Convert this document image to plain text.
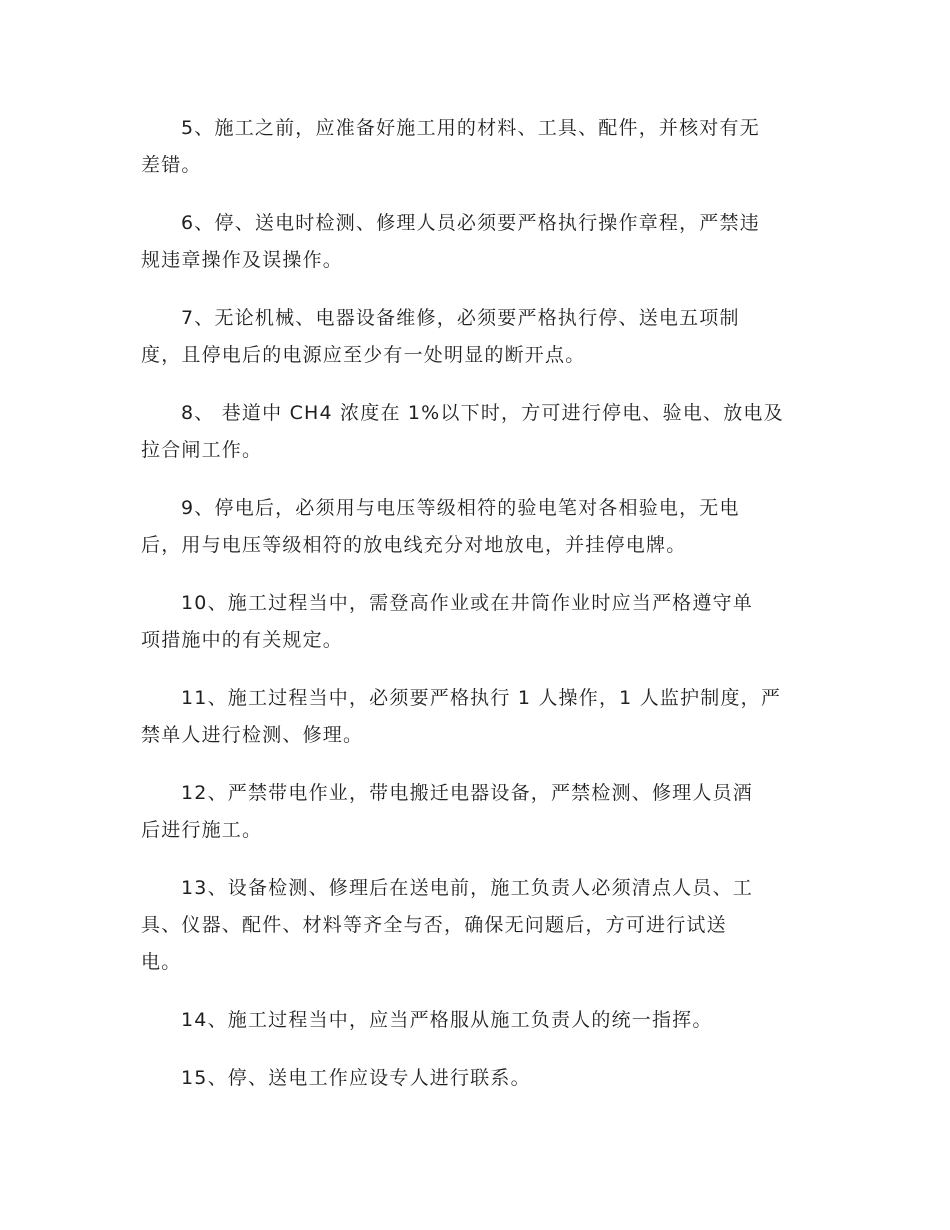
5、施工之前，应准备好施工用的材料、工具、配件，并核对有无
差错。

6、停、送电时检测、修理人员必须要严格执行操作章程，严禁违
规违章操作及误操作。

7、无论机械、电器设备维修，必须要严格执行停、送电五项制
度，且停电后的电源应至少有一处明显的断开点。

8、 巷道中 CH4 浓度在 1%以下时，方可进行停电、验电、放电及
拉合闸工作。

9、停电后，必须用与电压等级相符的验电笔对各相验电，无电
后，用与电压等级相符的放电线充分对地放电，并挂停电牌。

10、施工过程当中，需登高作业或在井筒作业时应当严格遵守单
项措施中的有关规定。

11、施工过程当中，必须要严格执行 1 人操作，1 人监护制度，严
禁单人进行检测、修理。

12、严禁带电作业，带电搬迁电器设备，严禁检测、修理人员酒
后进行施工。

13、设备检测、修理后在送电前，施工负责人必须清点人员、工
具、仪器、配件、材料等齐全与否，确保无问题后，方可进行试送
电。

14、施工过程当中，应当严格服从施工负责人的统一指挥。

15、停、送电工作应设专人进行联系。
